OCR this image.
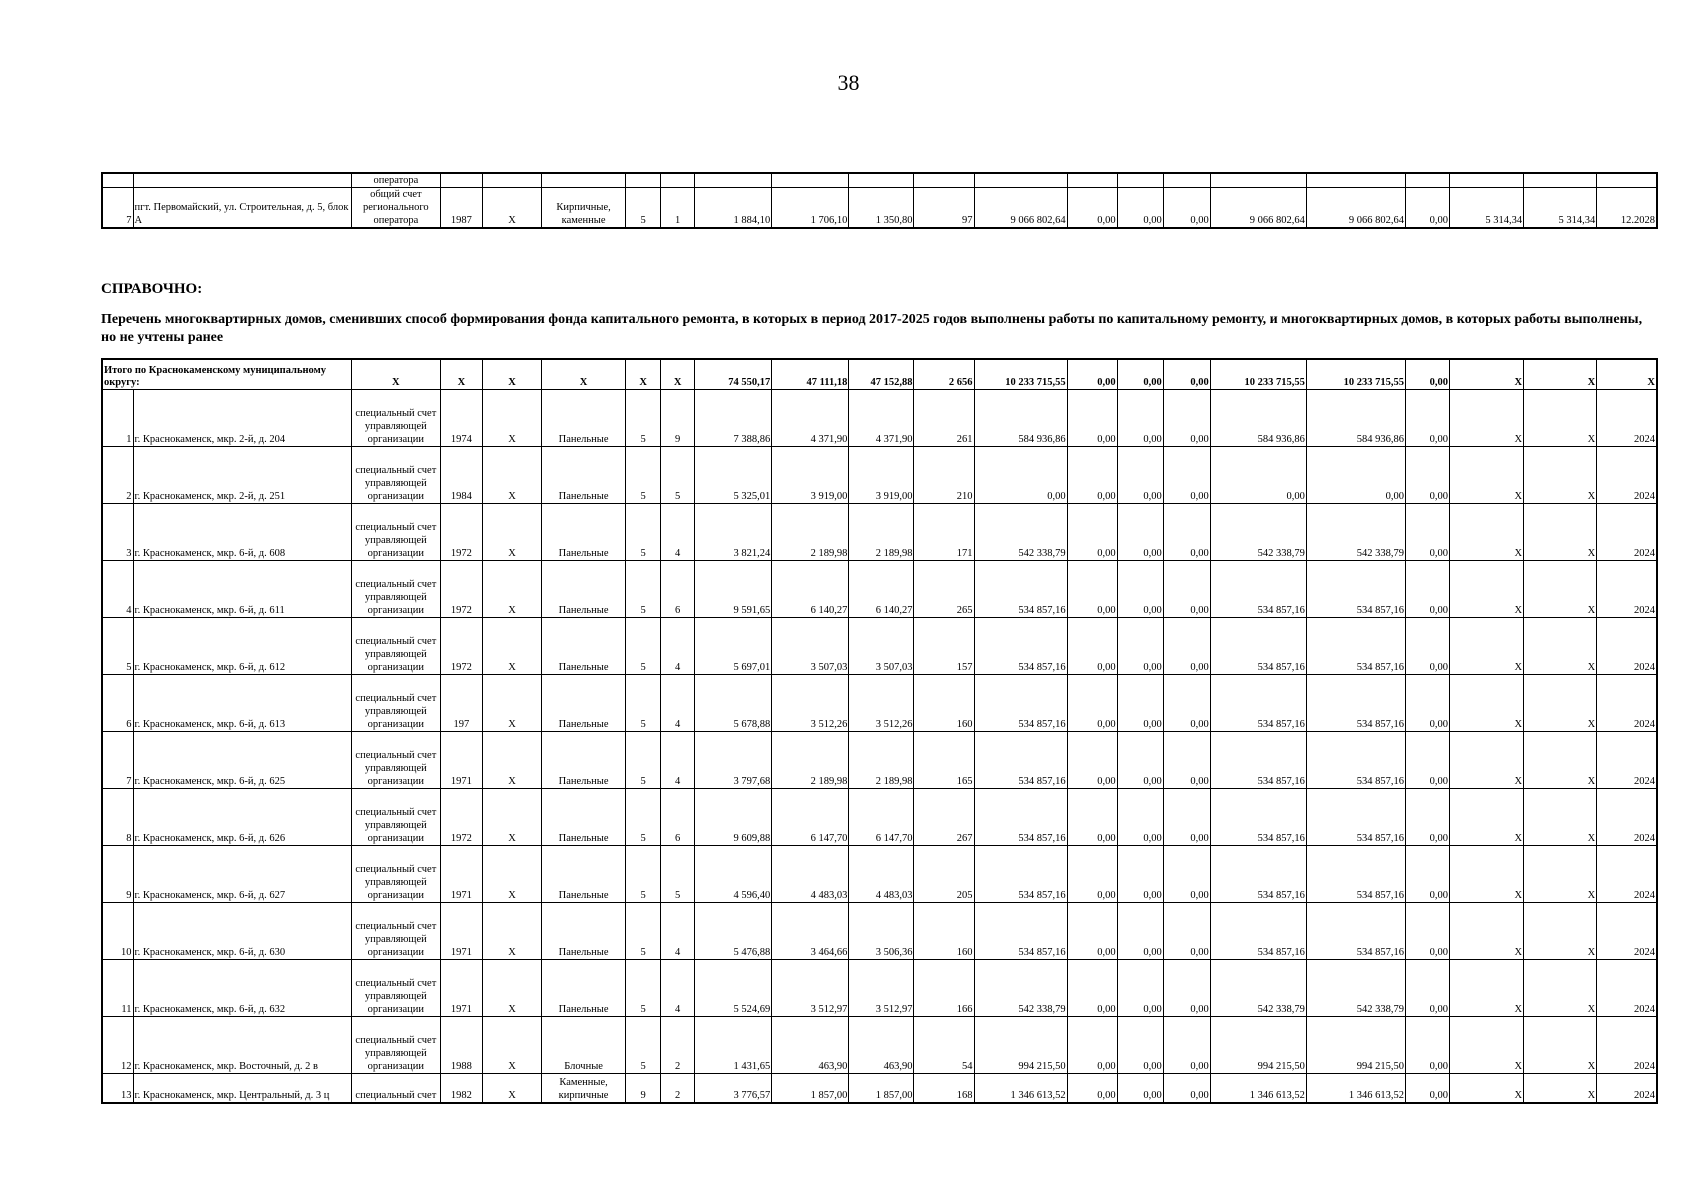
38
		оператора																			
7	пгт. Первомайский, ул. Строительная, д. 5, блок А	общий счет регионального оператора	1987	X	Кирпичные, каменные	5	1	1 884,10	1 706,10	1 350,80	97	9 066 802,64	0,00	0,00	0,00	9 066 802,64	9 066 802,64	0,00	5 314,34	5 314,34	12.2028
СПРАВОЧНО:
Перечень многоквартирных домов, сменивших способ формирования фонда капитального ремонта, в которых в период 2017-2025 годов выполнены работы по капитальному ремонту, и многоквартирных домов, в которых работы выполнены, но не учтены ранее
Итого по Краснокаменскому муниципальному округу:		X	X	X	X	X	X	74 550,17	47 111,18	47 152,88	2 656	10 233 715,55	0,00	0,00	0,00	10 233 715,55	10 233 715,55	0,00	X	X	X
1	г. Краснокаменск, мкр. 2-й, д. 204	специальный счет управляющей организации	1974	X	Панельные	5	9	7 388,86	4 371,90	4 371,90	261	584 936,86	0,00	0,00	0,00	584 936,86	584 936,86	0,00	X	X	2024
2	г. Краснокаменск, мкр. 2-й, д. 251	специальный счет управляющей организации	1984	X	Панельные	5	5	5 325,01	3 919,00	3 919,00	210	0,00	0,00	0,00	0,00	0,00	0,00	0,00	X	X	2024
3	г. Краснокаменск, мкр. 6-й, д. 608	специальный счет управляющей организации	1972	X	Панельные	5	4	3 821,24	2 189,98	2 189,98	171	542 338,79	0,00	0,00	0,00	542 338,79	542 338,79	0,00	X	X	2024
4	г. Краснокаменск, мкр. 6-й, д. 611	специальный счет управляющей организации	1972	X	Панельные	5	6	9 591,65	6 140,27	6 140,27	265	534 857,16	0,00	0,00	0,00	534 857,16	534 857,16	0,00	X	X	2024
5	г. Краснокаменск, мкр. 6-й, д. 612	специальный счет управляющей организации	1972	X	Панельные	5	4	5 697,01	3 507,03	3 507,03	157	534 857,16	0,00	0,00	0,00	534 857,16	534 857,16	0,00	X	X	2024
6	г. Краснокаменск, мкр. 6-й, д. 613	специальный счет управляющей организации	197	X	Панельные	5	4	5 678,88	3 512,26	3 512,26	160	534 857,16	0,00	0,00	0,00	534 857,16	534 857,16	0,00	X	X	2024
7	г. Краснокаменск, мкр. 6-й, д. 625	специальный счет управляющей организации	1971	X	Панельные	5	4	3 797,68	2 189,98	2 189,98	165	534 857,16	0,00	0,00	0,00	534 857,16	534 857,16	0,00	X	X	2024
8	г. Краснокаменск, мкр. 6-й, д. 626	специальный счет управляющей организации	1972	X	Панельные	5	6	9 609,88	6 147,70	6 147,70	267	534 857,16	0,00	0,00	0,00	534 857,16	534 857,16	0,00	X	X	2024
9	г. Краснокаменск, мкр. 6-й, д. 627	специальный счет управляющей организации	1971	X	Панельные	5	5	4 596,40	4 483,03	4 483,03	205	534 857,16	0,00	0,00	0,00	534 857,16	534 857,16	0,00	X	X	2024
10	г. Краснокаменск, мкр. 6-й, д. 630	специальный счет управляющей организации	1971	X	Панельные	5	4	5 476,88	3 464,66	3 506,36	160	534 857,16	0,00	0,00	0,00	534 857,16	534 857,16	0,00	X	X	2024
11	г. Краснокаменск, мкр. 6-й, д. 632	специальный счет управляющей организации	1971	X	Панельные	5	4	5 524,69	3 512,97	3 512,97	166	542 338,79	0,00	0,00	0,00	542 338,79	542 338,79	0,00	X	X	2024
12	г. Краснокаменск, мкр. Восточный, д. 2 в	специальный счет управляющей организации	1988	X	Блочные	5	2	1 431,65	463,90	463,90	54	994 215,50	0,00	0,00	0,00	994 215,50	994 215,50	0,00	X	X	2024
13	г. Краснокаменск, мкр. Центральный, д. 3 ц	специальный счет	1982	X	Каменные, кирпичные	9	2	3 776,57	1 857,00	1 857,00	168	1 346 613,52	0,00	0,00	0,00	1 346 613,52	1 346 613,52	0,00	X	X	2024
